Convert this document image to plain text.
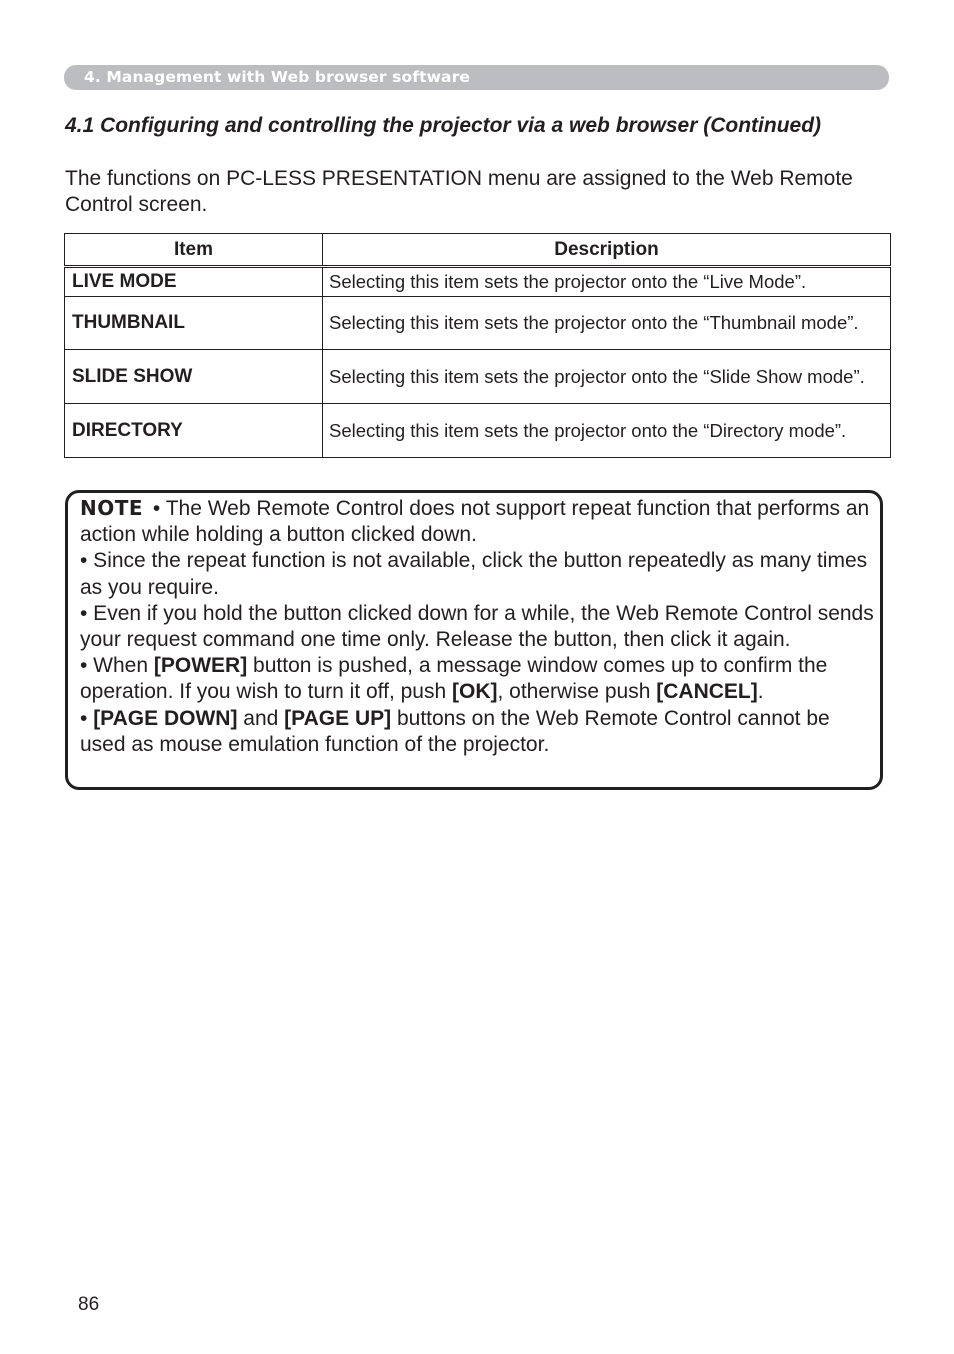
4. Management with Web browser software
4.1 Configuring and controlling the projector via a web browser (Continued)

The functions on PC-LESS PRESENTATION menu are assigned to the Web Remote Control screen.

Item	Description
LIVE MODE	Selecting this item sets the projector onto the “Live Mode”.
THUMBNAIL	Selecting this item sets the projector onto the “Thumbnail mode”.
SLIDE SHOW	Selecting this item sets the projector onto the “Slide Show mode”.
DIRECTORY	Selecting this item sets the projector onto the “Directory mode”.

NOTE • The Web Remote Control does not support repeat function that performs an action while holding a button clicked down.

• Since the repeat function is not available, click the button repeatedly as many times as you require.

• Even if you hold the button clicked down for a while, the Web Remote Control sends your request command one time only. Release the button, then click it again.

• When [POWER] button is pushed, a message window comes up to confirm the operation. If you wish to turn it off, push [OK], otherwise push [CANCEL].

• [PAGE DOWN] and [PAGE UP] buttons on the Web Remote Control cannot be used as mouse emulation function of the projector.

86
